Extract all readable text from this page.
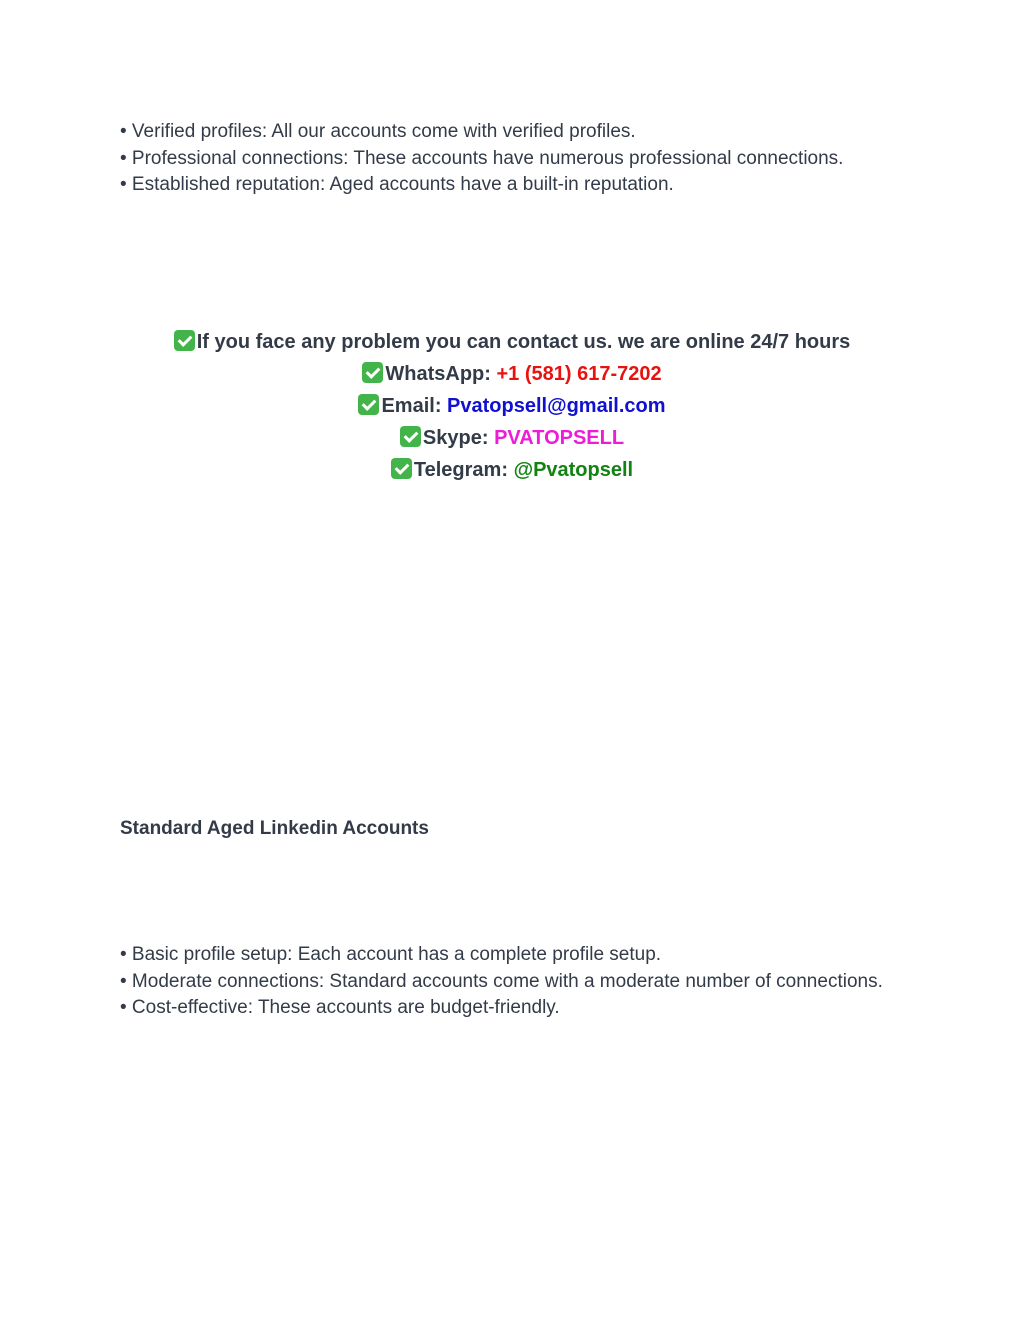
• Verified profiles: All our accounts come with verified profiles.
• Professional connections: These accounts have numerous professional connections.
• Established reputation: Aged accounts have a built-in reputation.
If you face any problem you can contact us. we are online 24/7 hours
WhatsApp: +1 (581) 617-7202
Email: Pvatopsell@gmail.com
Skype: PVATOPSELL
Telegram: @Pvatopsell
Standard Aged Linkedin Accounts
• Basic profile setup: Each account has a complete profile setup.
• Moderate connections: Standard accounts come with a moderate number of connections.
• Cost-effective: These accounts are budget-friendly.
